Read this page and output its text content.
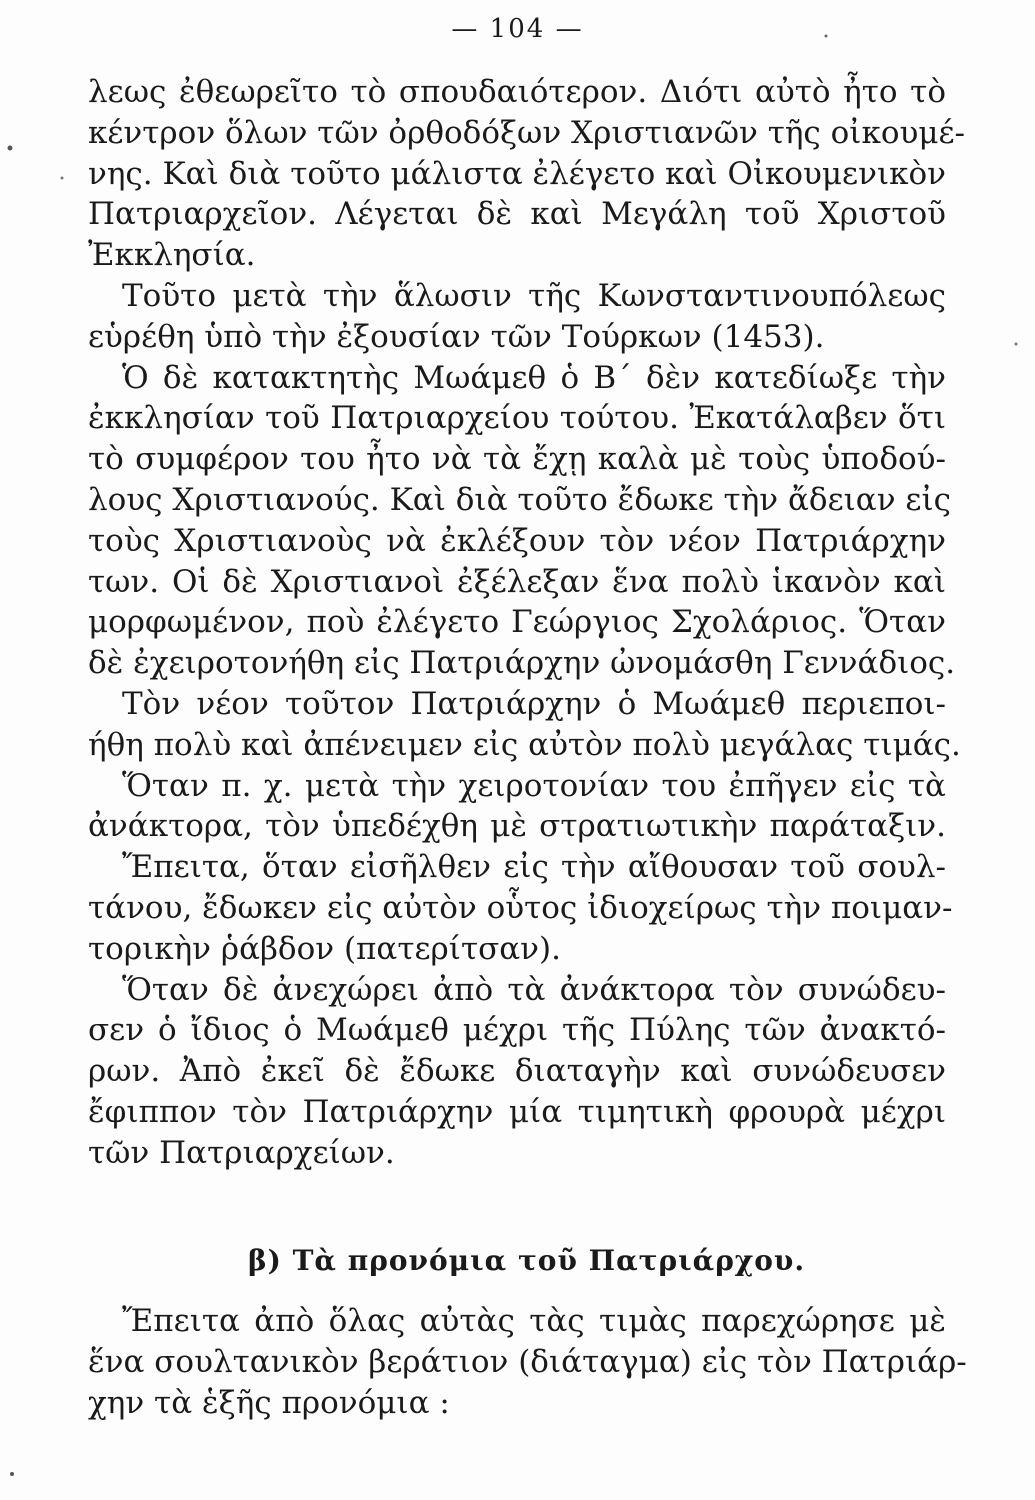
— 104 —
λεως ἐθεωρεῖτο τὸ σπουδαιότερον. Διότι αὐτὸ ἦτο τὸ
κέντρον ὅλων τῶν ὀρθοδόξων Χριστιανῶν τῆς οἰκουμέ-
νης. Καὶ διὰ τοῦτο μάλιστα ἐλέγετο καὶ Οἰκουμενικὸν
Πατριαρχεῖον. Λέγεται δὲ καὶ Μεγάλη τοῦ Χριστοῦ
Ἐκκλησία.
Τοῦτο μετὰ τὴν ἅλωσιν τῆς Κωνσταντινουπόλεως
εὑρέθη ὑπὸ τὴν ἐξουσίαν τῶν Τούρκων (1453).
Ὁ δὲ κατακτητὴς Μωάμεθ ὁ Β΄ δὲν κατεδίωξε τὴν
ἐκκλησίαν τοῦ Πατριαρχείου τούτου. Ἐκατάλαβεν ὅτι
τὸ συμφέρον του ἦτο νὰ τὰ ἔχῃ καλὰ μὲ τοὺς ὑποδού-
λους Χριστιανούς. Καὶ διὰ τοῦτο ἔδωκε τὴν ἄδειαν εἰς
τοὺς Χριστιανοὺς νὰ ἐκλέξουν τὸν νέον Πατριάρχην
των. Οἱ δὲ Χριστιανοὶ ἐξέλεξαν ἕνα πολὺ ἱκανὸν καὶ
μορφωμένον, ποὺ ἐλέγετο Γεώργιος Σχολάριος. Ὅταν
δὲ ἐχειροτονήθη εἰς Πατριάρχην ὠνομάσθη Γεννάδιος.
Τὸν νέον τοῦτον Πατριάρχην ὁ Μωάμεθ περιεποι-
ήθη πολὺ καὶ ἀπένειμεν εἰς αὐτὸν πολὺ μεγάλας τιμάς.
Ὅταν π. χ. μετὰ τὴν χειροτονίαν του ἐπῆγεν εἰς τὰ
ἀνάκτορα, τὸν ὑπεδέχθη μὲ στρατιωτικὴν παράταξιν.
Ἔπειτα, ὅταν εἰσῆλθεν εἰς τὴν αἴθουσαν τοῦ σουλ-
τάνου, ἔδωκεν εἰς αὐτὸν οὗτος ἰδιοχείρως τὴν ποιμαν-
τορικὴν ῥάβδον (πατερίτσαν).
Ὅταν δὲ ἀνεχώρει ἀπὸ τὰ ἀνάκτορα τὸν συνώδευ-
σεν ὁ ἴδιος ὁ Μωάμεθ μέχρι τῆς Πύλης τῶν ἀνακτό-
ρων. Ἀπὸ ἐκεῖ δὲ ἔδωκε διαταγὴν καὶ συνώδευσεν
ἔφιππον τὸν Πατριάρχην μία τιμητικὴ φρουρὰ μέχρι
τῶν Πατριαρχείων.
β) Τὰ προνόμια τοῦ Πατριάρχου.
Ἔπειτα ἀπὸ ὅλας αὐτὰς τὰς τιμὰς παρεχώρησε μὲ
ἕνα σουλτανικὸν βεράτιον (διάταγμα) εἰς τὸν Πατριάρ-
χην τὰ ἑξῆς προνόμια :
